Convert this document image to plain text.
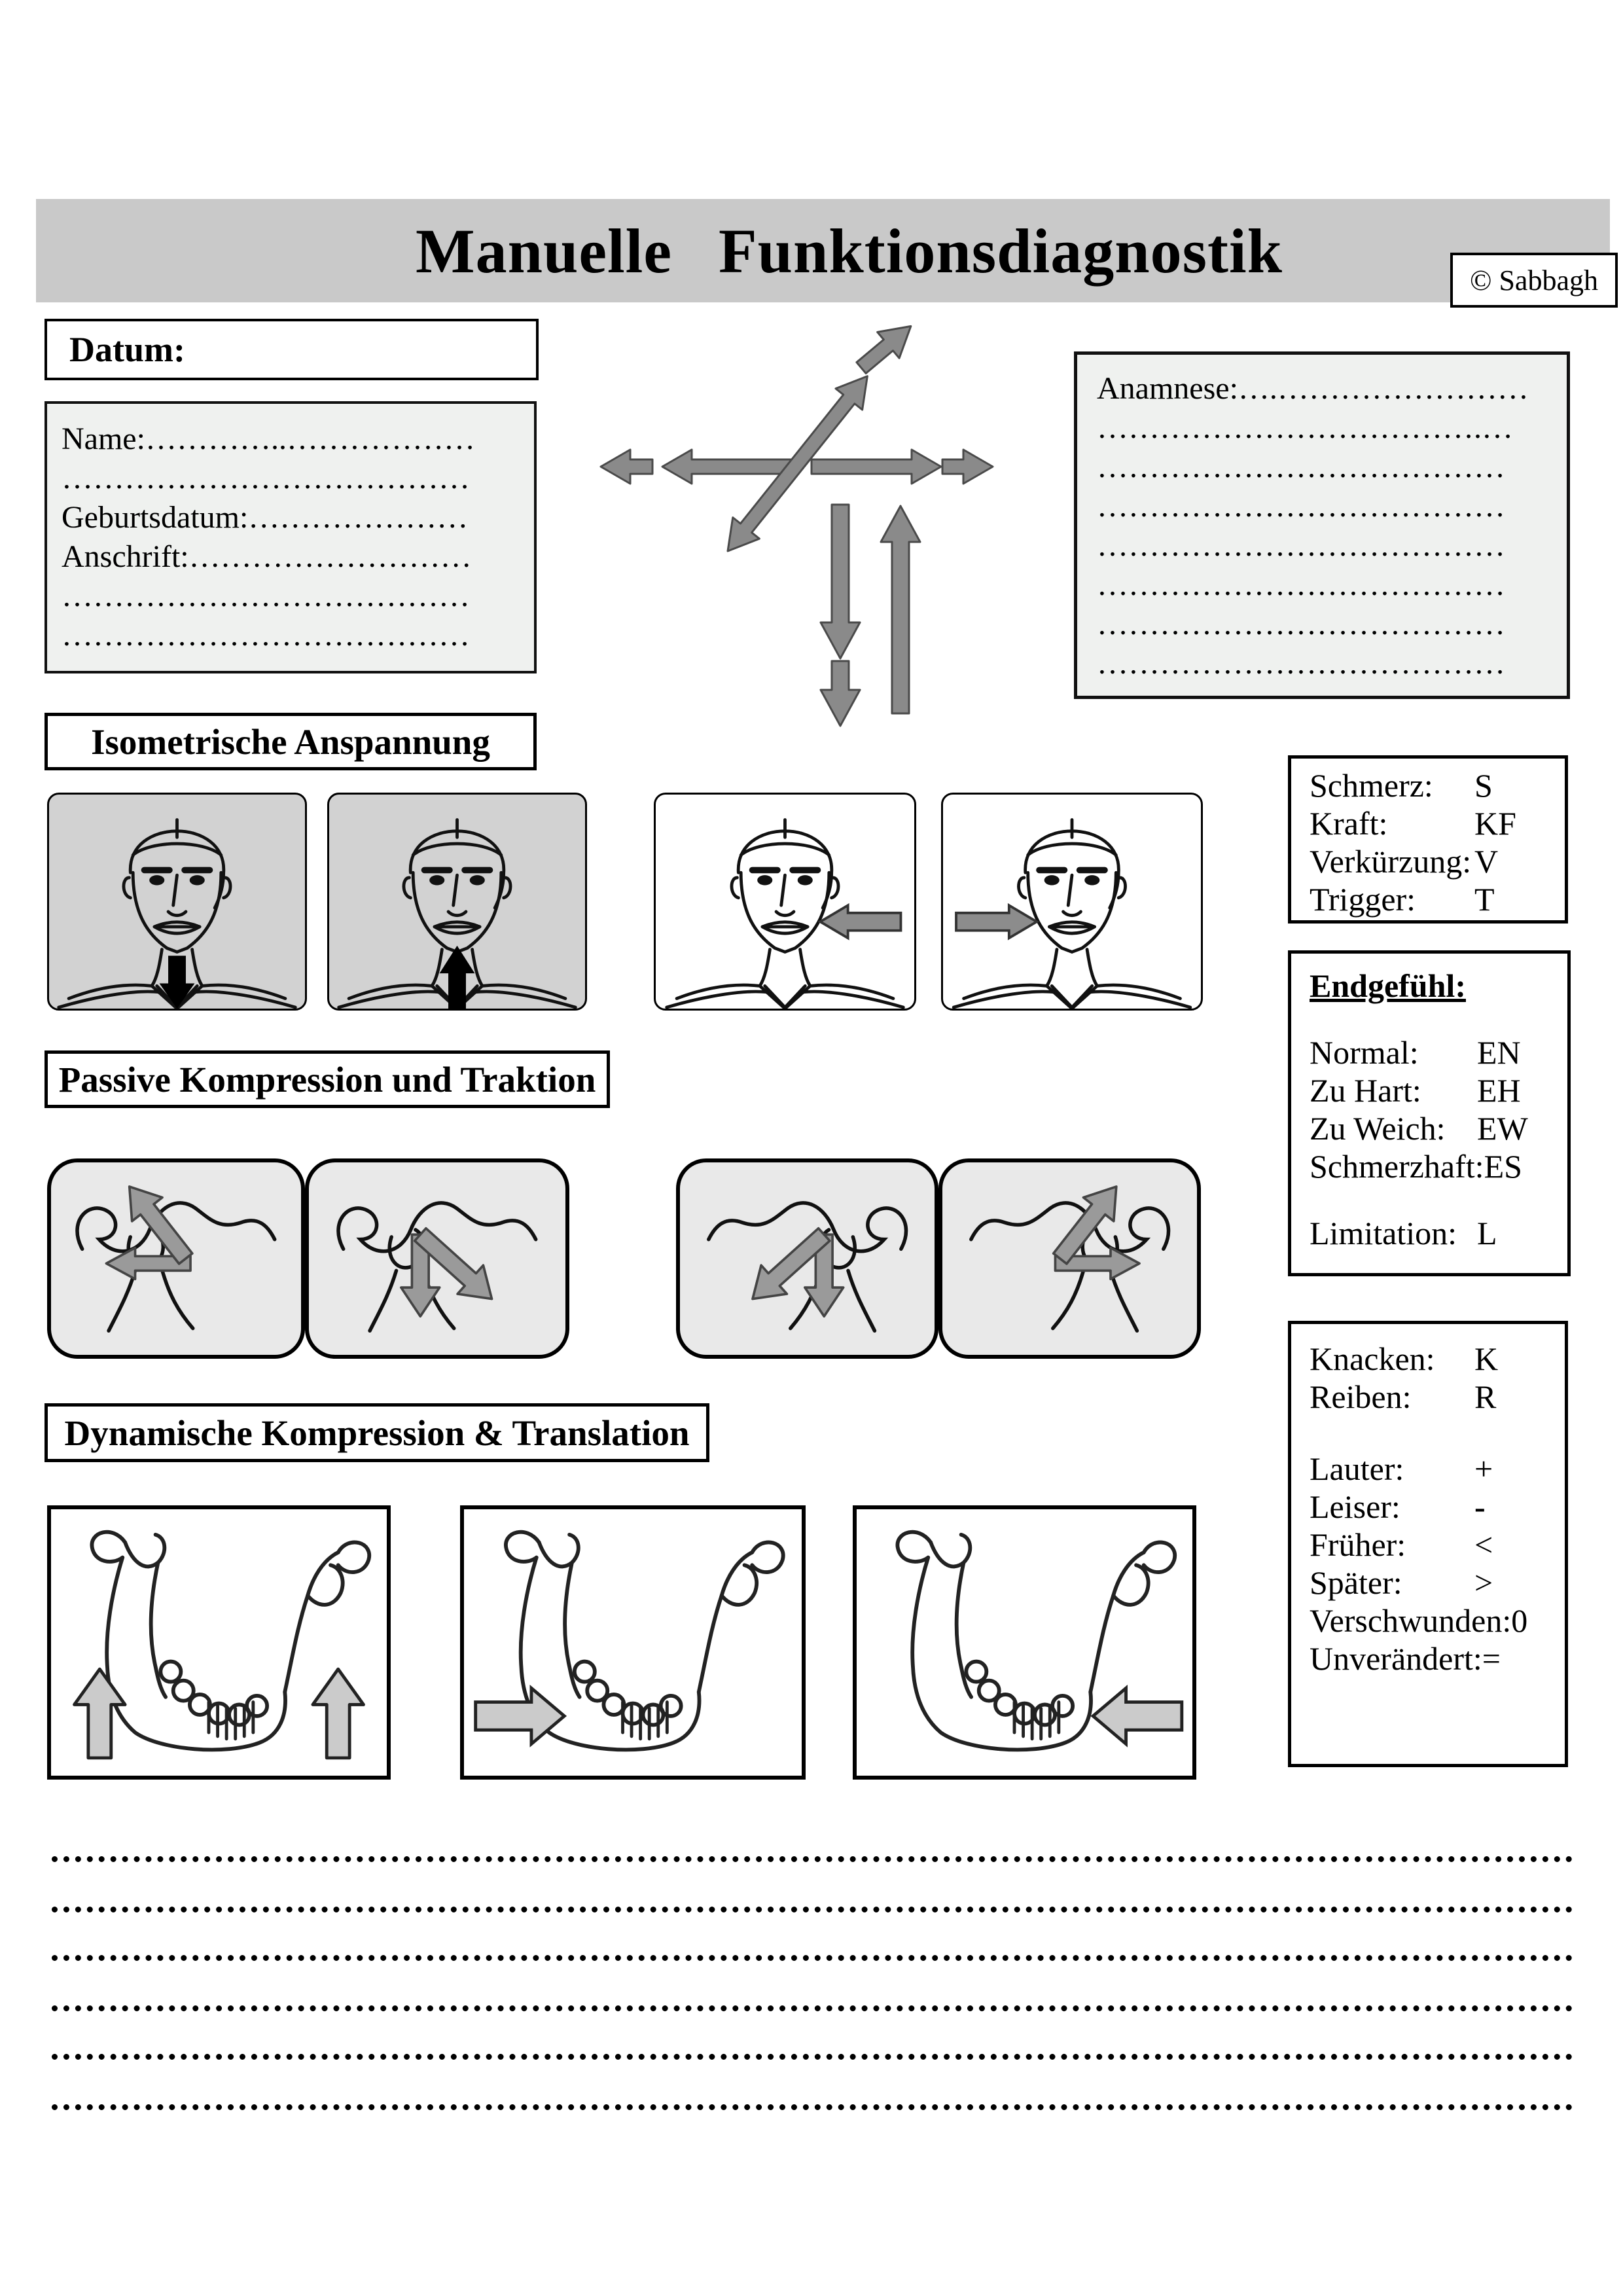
Manuelle Funktionsdiagnostik	© Sabbagh
Datum:
Name:…………..………………
…………………………………
Geburtsdatum:…………………
Anschrift:………………………
…………………………………
…………………………………
Anamnese:….……………………
……………………………….…
…………………………………
…………………………………
…………………………………
…………………………………
…………………………………
…………………………………
Isometrische Anspannung
Schmerz:	S
Kraft:	KF
Verkürzung: V
Trigger:	T
Endgefühl:
Normal:	EN
Zu Hart:	EH
Zu Weich: EW
Schmerzhaft: ES
Limitation: L
Passive Kompression und Traktion
Knacken:	K
Reiben:	R
Lauter:	+
Leiser:	-
Früher:	<
Später:	>
Verschwunden: 0
Unverändert: =
Dynamische Kompression & Translation
